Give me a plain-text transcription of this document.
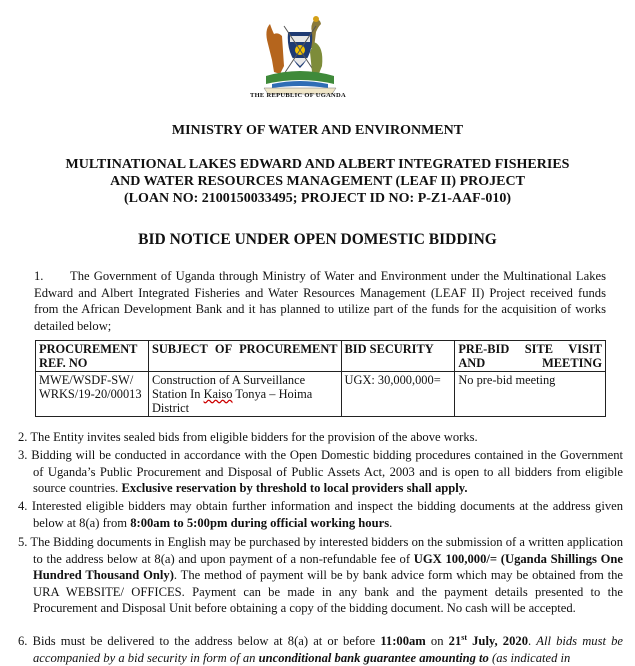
THE REPUBLIC OF UGANDA
MINISTRY OF WATER AND ENVIRONMENT
MULTINATIONAL LAKES EDWARD AND ALBERT INTEGRATED FISHERIES
AND WATER RESOURCES MANAGEMENT (LEAF II) PROJECT
(LOAN NO: 2100150033495; PROJECT ID NO: P-Z1-AAF-010)
BID NOTICE UNDER OPEN DOMESTIC BIDDING
1.	The Government of Uganda through Ministry of Water and Environment under the Multinational Lakes Edward and Albert Integrated Fisheries and Water Resources Management (LEAF II) Project received funds from the African Development Bank and it has planned to utilize part of the funds for the acquisition of works detailed below;
PROCUREMENT REF. NO	SUBJECT OF PROCUREMENT	BID SECURITY	PRE-BID SITE VISIT AND MEETING
MWE/WSDF-SW/WRKS/19-20/00013	Construction of A Surveillance Station In Kaiso Tonya – Hoima District	UGX: 30,000,000=	No pre-bid meeting
2. The Entity invites sealed bids from eligible bidders for the provision of the above works.
3. Bidding will be conducted in accordance with the Open Domestic bidding procedures contained in the Government of Uganda’s Public Procurement and Disposal of Public Assets Act, 2003 and is open to all bidders from eligible source countries. Exclusive reservation by threshold to local providers shall apply.
4. Interested eligible bidders may obtain further information and inspect the bidding documents at the address given below at 8(a) from 8:00am to 5:00pm during official working hours.
5. The Bidding documents in English may be purchased by interested bidders on the submission of a written application to the address below at 8(a) and upon payment of a non-refundable fee of UGX 100,000/= (Uganda Shillings One Hundred Thousand Only). The method of payment will be by bank advice form which may be obtained from the URA WEBSITE/ OFFICES. Payment can be made in any bank and the payment details presented to the Procurement and Disposal Unit before obtaining a copy of the bidding document. No cash will be accepted.
6. Bids must be delivered to the address below at 8(a) at or before 11:00am on 21st July, 2020. All bids must be accompanied by a bid security in form of an unconditional bank guarantee amounting to (as indicated in
